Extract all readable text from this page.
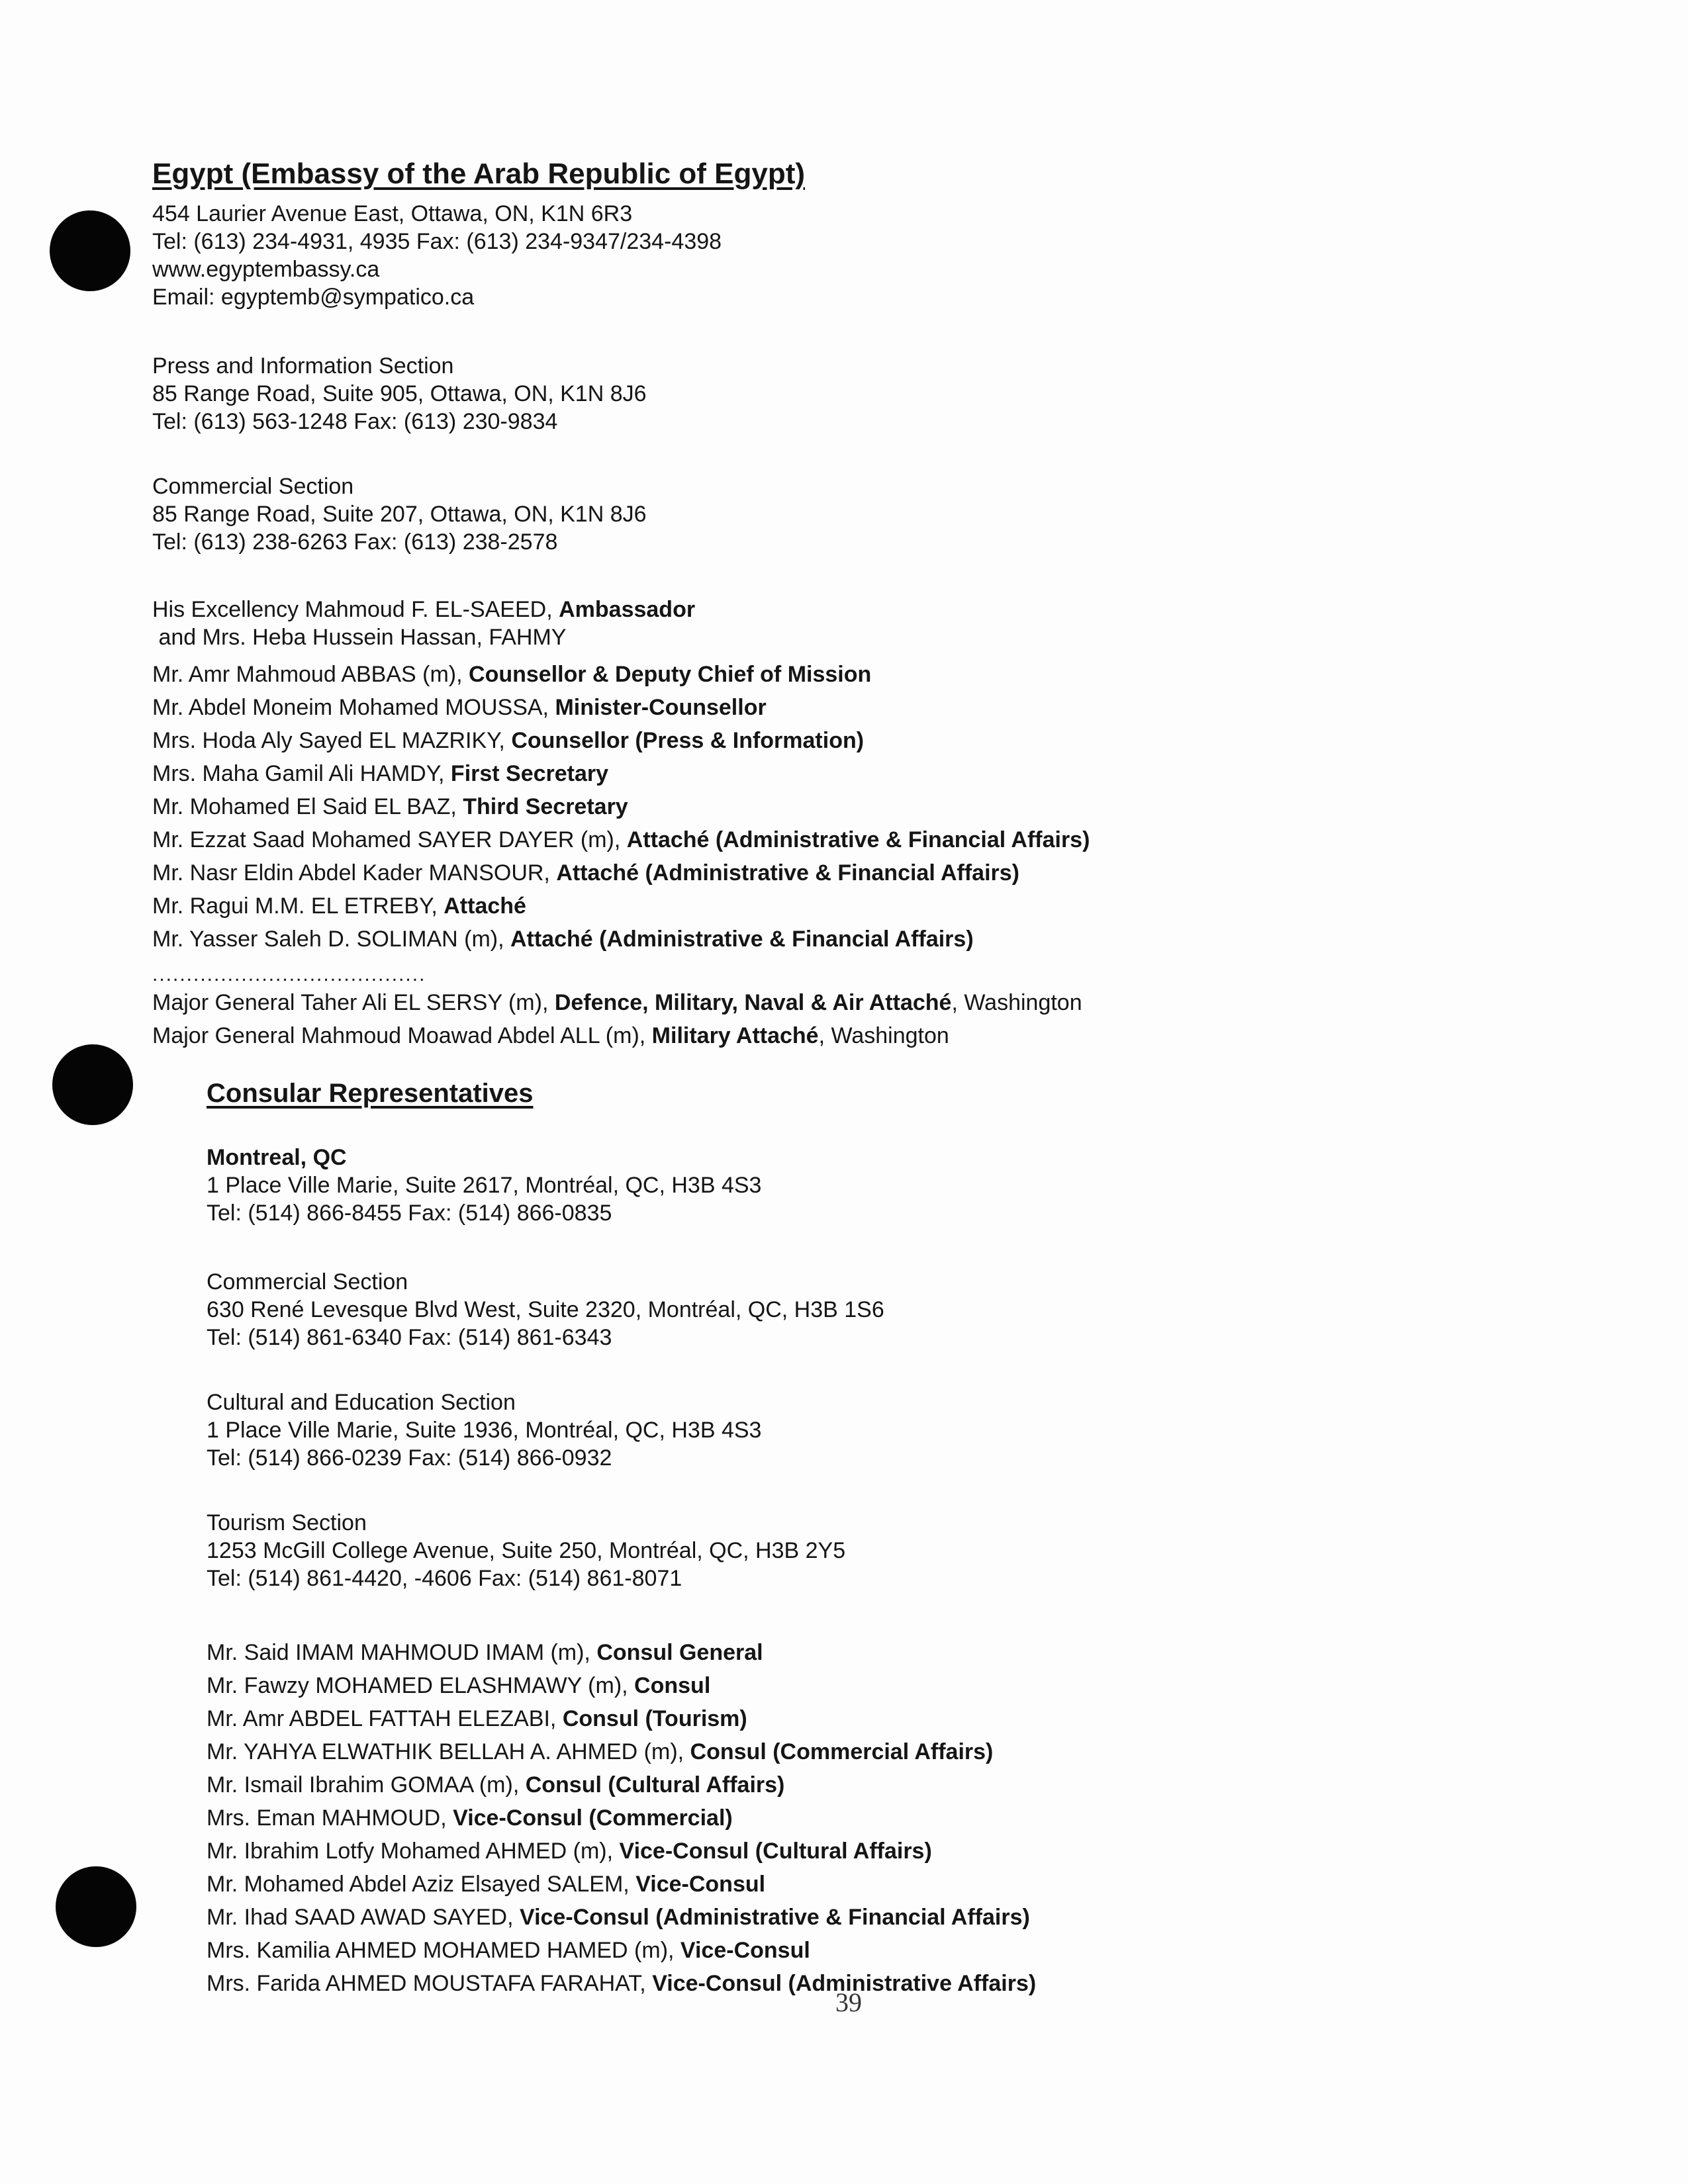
Egypt (Embassy of the Arab Republic of Egypt)
454 Laurier Avenue East, Ottawa, ON, K1N 6R3
Tel: (613) 234-4931, 4935 Fax: (613) 234-9347/234-4398
www.egyptembassy.ca
Email: egyptemb@sympatico.ca
Press and Information Section
85 Range Road, Suite 905, Ottawa, ON, K1N 8J6
Tel: (613) 563-1248 Fax: (613) 230-9834
Commercial Section
85 Range Road, Suite 207, Ottawa, ON, K1N 8J6
Tel: (613) 238-6263 Fax: (613) 238-2578
His Excellency Mahmoud F. EL-SAEED, Ambassador
and Mrs. Heba Hussein Hassan, FAHMY
Mr. Amr Mahmoud ABBAS (m), Counsellor & Deputy Chief of Mission
Mr. Abdel Moneim Mohamed MOUSSA, Minister-Counsellor
Mrs. Hoda Aly Sayed EL MAZRIKY, Counsellor (Press & Information)
Mrs. Maha Gamil Ali HAMDY, First Secretary
Mr. Mohamed El Said EL BAZ, Third Secretary
Mr. Ezzat Saad Mohamed SAYER DAYER (m), Attaché (Administrative & Financial Affairs)
Mr. Nasr Eldin Abdel Kader MANSOUR, Attaché (Administrative & Financial Affairs)
Mr. Ragui M.M. EL ETREBY, Attaché
Mr. Yasser Saleh D. SOLIMAN (m), Attaché (Administrative & Financial Affairs)
........................................
Major General Taher Ali EL SERSY (m), Defence, Military, Naval & Air Attaché, Washington
Major General Mahmoud Moawad Abdel ALL (m), Military Attaché, Washington
Consular Representatives
Montreal, QC
1 Place Ville Marie, Suite 2617, Montréal, QC, H3B 4S3
Tel: (514) 866-8455 Fax: (514) 866-0835
Commercial Section
630 René Levesque Blvd West, Suite 2320, Montréal, QC, H3B 1S6
Tel: (514) 861-6340 Fax: (514) 861-6343
Cultural and Education Section
1 Place Ville Marie, Suite 1936, Montréal, QC, H3B 4S3
Tel: (514) 866-0239 Fax: (514) 866-0932
Tourism Section
1253 McGill College Avenue, Suite 250, Montréal, QC, H3B 2Y5
Tel: (514) 861-4420, -4606 Fax: (514) 861-8071
Mr. Said IMAM MAHMOUD IMAM (m), Consul General
Mr. Fawzy MOHAMED ELASHMAWY (m), Consul
Mr. Amr ABDEL FATTAH ELEZABI, Consul (Tourism)
Mr. YAHYA ELWATHIK BELLAH A. AHMED (m), Consul (Commercial Affairs)
Mr. Ismail Ibrahim GOMAA (m), Consul (Cultural Affairs)
Mrs. Eman MAHMOUD, Vice-Consul (Commercial)
Mr. Ibrahim Lotfy Mohamed AHMED (m), Vice-Consul (Cultural Affairs)
Mr. Mohamed Abdel Aziz Elsayed SALEM, Vice-Consul
Mr. Ihad SAAD AWAD SAYED, Vice-Consul (Administrative & Financial Affairs)
Mrs. Kamilia AHMED MOHAMED HAMED (m), Vice-Consul
Mrs. Farida AHMED MOUSTAFA FARAHAT, Vice-Consul (Administrative Affairs)
39
